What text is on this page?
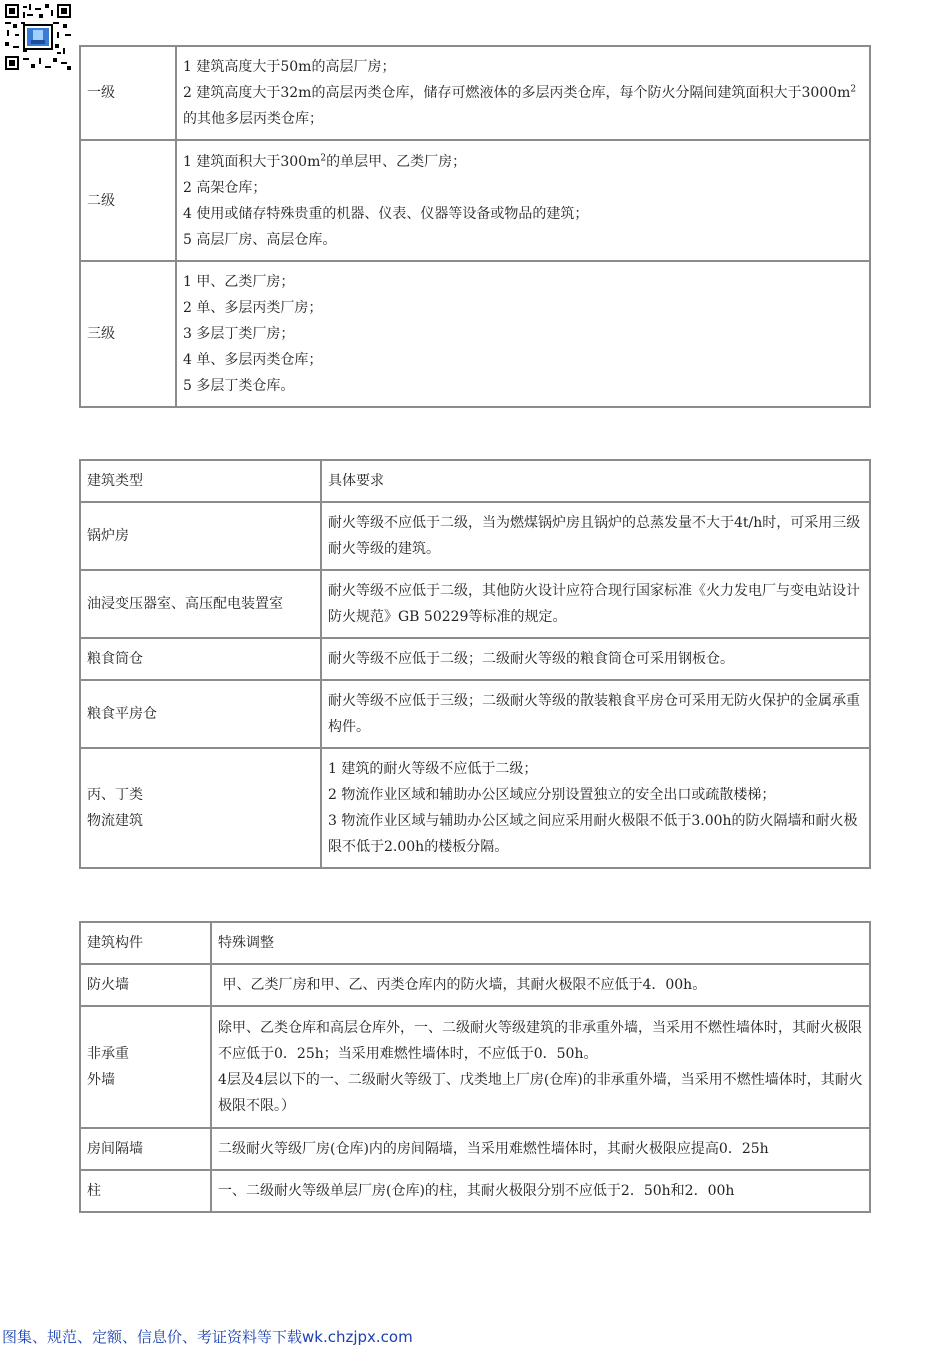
一级	1 建筑高度大于50m的高层厂房；
2 建筑高度大于32m的高层丙类仓库，储存可燃液体的多层丙类仓库，每个防火分隔间建筑面积大于$3000m^2$的其他多层丙类仓库；

二级	1 建筑面积大于$300m^2$的单层甲、乙类厂房；
2 高架仓库；
4 使用或储存特殊贵重的机器、仪表、仪器等设备或物品的建筑；
5 高层厂房、高层仓库。

三级	1 甲、乙类厂房；
2 单、多层丙类厂房；
3 多层丁类厂房；
4 单、多层丙类仓库；
5 多层丁类仓库。
建筑类型	具体要求

锅炉房	耐火等级不应低于二级，当为燃煤锅炉房且锅炉的总蒸发量不大于4t/h时，可采用三级耐火等级的建筑。

油浸变压器室、高压配电装置室	耐火等级不应低于二级，其他防火设计应符合现行国家标准《火力发电厂与变电站设计防火规范》GB 50229等标准的规定。

粮食筒仓	耐火等级不应低于二级；二级耐火等级的粮食筒仓可采用钢板仓。

粮食平房仓	耐火等级不应低于三级；二级耐火等级的散装粮食平房仓可采用无防火保护的金属承重构件。

丙、丁类
物流建筑	1 建筑的耐火等级不应低于二级；
2 物流作业区域和辅助办公区域应分别设置独立的安全出口或疏散楼梯；
3 物流作业区域与辅助办公区域之间应采用耐火极限不低于3.00h的防火隔墙和耐火极限不低于2.00h的楼板分隔。
建筑构件	特殊调整

防火墙	甲、乙类厂房和甲、乙、丙类仓库内的防火墙，其耐火极限不应低于4．00h。

非承重
外墙	除甲、乙类仓库和高层仓库外，一、二级耐火等级建筑的非承重外墙，当采用不燃性墙体时，其耐火极限不应低于0．25h；当采用难燃性墙体时，不应低于0．50h。
4层及4层以下的一、二级耐火等级丁、戊类地上厂房(仓库)的非承重外墙，当采用不燃性墙体时，其耐火极限不限。）

房间隔墙	二级耐火等级厂房(仓库)内的房间隔墙，当采用难燃性墙体时，其耐火极限应提高0．25h

柱	一、二级耐火等级单层厂房(仓库)的柱，其耐火极限分别不应低于2．50h和2．00h
图集、规范、定额、信息价、考证资料等下载wk.chzjpx.com
